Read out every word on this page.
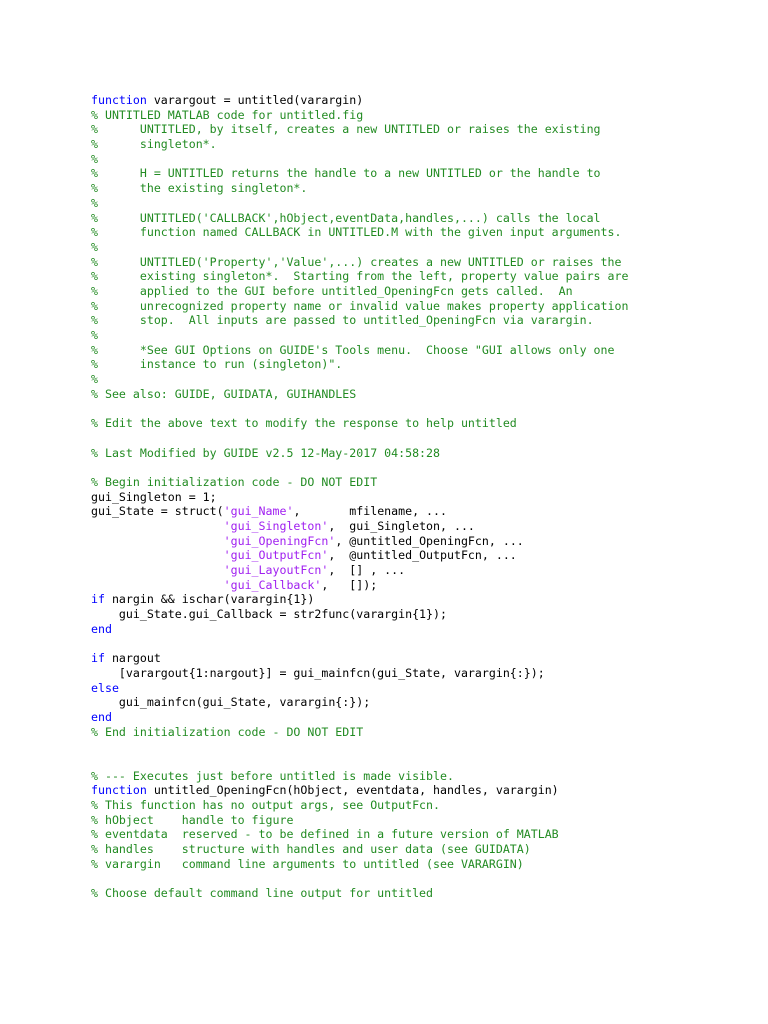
function varargout = untitled(varargin)
% UNTITLED MATLAB code for untitled.fig
%      UNTITLED, by itself, creates a new UNTITLED or raises the existing
%      singleton*.
%
%      H = UNTITLED returns the handle to a new UNTITLED or the handle to
%      the existing singleton*.
%
%      UNTITLED('CALLBACK',hObject,eventData,handles,...) calls the local
%      function named CALLBACK in UNTITLED.M with the given input arguments.
%
%      UNTITLED('Property','Value',...) creates a new UNTITLED or raises the
%      existing singleton*.  Starting from the left, property value pairs are
%      applied to the GUI before untitled_OpeningFcn gets called.  An
%      unrecognized property name or invalid value makes property application
%      stop.  All inputs are passed to untitled_OpeningFcn via varargin.
%
%      *See GUI Options on GUIDE's Tools menu.  Choose "GUI allows only one
%      instance to run (singleton)".
%
% See also: GUIDE, GUIDATA, GUIHANDLES
% Edit the above text to modify the response to help untitled
% Last Modified by GUIDE v2.5 12-May-2017 04:58:28
% Begin initialization code - DO NOT EDIT
gui_Singleton = 1;
gui_State = struct('gui_Name',       mfilename, ...
'gui_Singleton',  gui_Singleton, ...
'gui_OpeningFcn', @untitled_OpeningFcn, ...
'gui_OutputFcn',  @untitled_OutputFcn, ...
'gui_LayoutFcn',  [] , ...
'gui_Callback',   []);
if nargin && ischar(varargin{1})
gui_State.gui_Callback = str2func(varargin{1});
end
if nargout
[varargout{1:nargout}] = gui_mainfcn(gui_State, varargin{:});
else
gui_mainfcn(gui_State, varargin{:});
end
% End initialization code - DO NOT EDIT
% --- Executes just before untitled is made visible.
function untitled_OpeningFcn(hObject, eventdata, handles, varargin)
% This function has no output args, see OutputFcn.
% hObject    handle to figure
% eventdata  reserved - to be defined in a future version of MATLAB
% handles    structure with handles and user data (see GUIDATA)
% varargin   command line arguments to untitled (see VARARGIN)
% Choose default command line output for untitled
